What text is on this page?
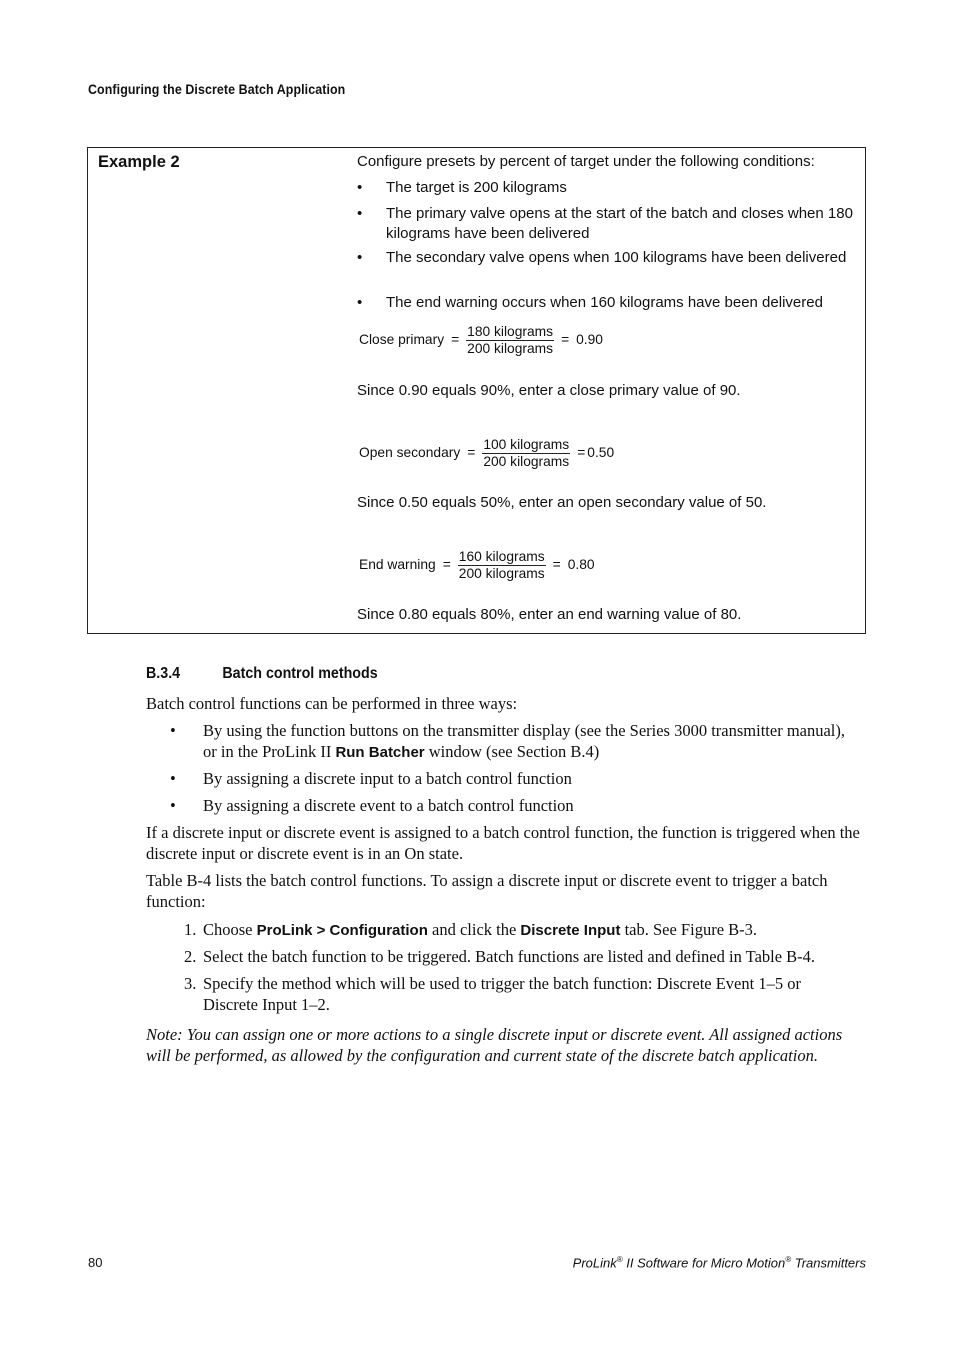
Configuring the Discrete Batch Application
Example 2	Configure presets by percent of target under the following conditions:
• The target is 200 kilograms
• The primary valve opens at the start of the batch and closes when 180 kilograms have been delivered
• The secondary valve opens when 100 kilograms have been delivered
• The end warning occurs when 160 kilograms have been delivered
Close primary = $\frac{\text{180 kilograms}}{\text{200 kilograms}} = 0.90$
Since 0.90 equals 90%, enter a close primary value of 90.
Open secondary = $\frac{\text{100 kilograms}}{\text{200 kilograms}} = 0.50$
Since 0.50 equals 50%, enter an open secondary value of 50.
End warning = $\frac{\text{160 kilograms}}{\text{200 kilograms}} = 0.80$
Since 0.80 equals 80%, enter an end warning value of 80.
B.3.4	Batch control methods
Batch control functions can be performed in three ways:
•	By using the function buttons on the transmitter display (see the Series 3000 transmitter manual), or in the ProLink II Run Batcher window (see Section B.4)
•	By assigning a discrete input to a batch control function
•	By assigning a discrete event to a batch control function
If a discrete input or discrete event is assigned to a batch control function, the function is triggered when the discrete input or discrete event is in an On state.
Table B-4 lists the batch control functions. To assign a discrete input or discrete event to trigger a batch function:
1. Choose ProLink > Configuration and click the Discrete Input tab. See Figure B-3.
2. Select the batch function to be triggered. Batch functions are listed and defined in Table B-4.
3. Specify the method which will be used to trigger the batch function: Discrete Event 1–5 or Discrete Input 1–2.
Note: You can assign one or more actions to a single discrete input or discrete event. All assigned actions will be performed, as allowed by the configuration and current state of the discrete batch application.
80	ProLink® II Software for Micro Motion® Transmitters
